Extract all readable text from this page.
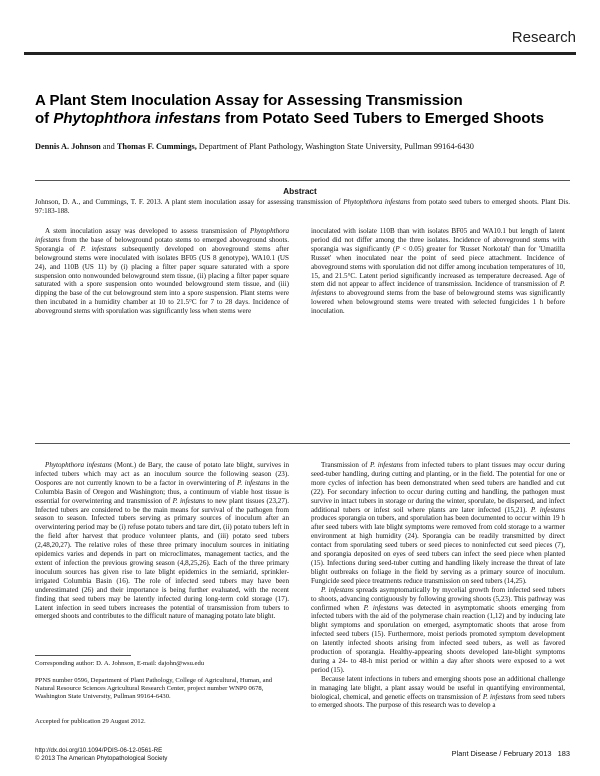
Research
A Plant Stem Inoculation Assay for Assessing Transmission
of Phytophthora infestans from Potato Seed Tubers to Emerged Shoots
Dennis A. Johnson and Thomas F. Cummings, Department of Plant Pathology, Washington State University, Pullman 99164-6430
Abstract
Johnson, D. A., and Cummings, T. F. 2013. A plant stem inoculation assay for assessing transmission of Phytophthora infestans from potato seed tubers to emerged shoots. Plant Dis. 97:183-188.

A stem inoculation assay was developed to assess transmission of Phytophthora infestans from the base of belowground potato stems to emerged aboveground shoots. Sporangia of P. infestans subsequently developed on aboveground stems after belowground stems were inoculated with isolates BF05 (US 8 genotype), WA10.1 (US 24), and 110B (US 11) by (i) placing a filter paper square saturated with a spore suspension onto nonwounded belowground stem tissue, (ii) placing a filter paper square saturated with a spore suspension onto wounded belowground stem tissue, and (iii) dipping the base of the cut belowground stem into a spore suspension. Plant stems were then incubated in a humidity chamber at 10 to 21.5°C for 7 to 28 days. Incidence of aboveground stems with sporulation was significantly less when stems were

inoculated with isolate 110B than with isolates BF05 and WA10.1 but length of latent period did not differ among the three isolates. Incidence of aboveground stems with sporangia was significantly (P < 0.05) greater for 'Russet Norkotah' than for 'Umatilla Russet' when inoculated near the point of seed piece attachment. Incidence of aboveground stems with sporulation did not differ among incubation temperatures of 10, 15, and 21.5°C. Latent period significantly increased as temperature decreased. Age of stem did not appear to affect incidence of transmission. Incidence of transmission of P. infestans to aboveground stems from the base of belowground stems was significantly lowered when belowground stems were treated with selected fungicides 1 h before inoculation.

Phytophthora infestans (Mont.) de Bary, the cause of potato late blight, survives in infected tubers which may act as an inoculum source the following season (23). Oospores are not currently known to be a factor in overwintering of P. infestans in the Columbia Basin of Oregon and Washington; thus, a continuum of viable host tissue is essential for overwintering and transmission of P. infestans to new plant tissues (23,27). Infected tubers are considered to be the main means for survival of the pathogen from season to season. Infected tubers serving as primary sources of inoculum after an overwintering period may be (i) refuse potato tubers and tare dirt, (ii) potato tubers left in the field after harvest that produce volunteer plants, and (iii) potato seed tubers (2,48,20,27). The relative roles of these three primary inoculum sources in initiating epidemics varies and depends in part on microclimates, management tactics, and the extent of infection the previous growing season (4,8,25,26). Each of the three primary inoculum sources has given rise to late blight epidemics in the semiarid, sprinkler-irrigated Columbia Basin (16). The role of infected seed tubers may have been underestimated (26) and their importance is being further evaluated, with the recent finding that seed tubers may be latently infected during long-term cold storage (17). Latent infection in seed tubers increases the potential of transmission from tubers to emerged shoots and contributes to the difficult nature of managing potato late blight.

Corresponding author: D. A. Johnson, E-mail: dajohn@wsu.edu

PPNS number 0596, Department of Plant Pathology, College of Agricultural, Human, and Natural Resource Sciences Agricultural Research Center, project number WNP0 0678, Washington State University, Pullman 99164-6430.

Accepted for publication 29 August 2012.

http://dx.doi.org/10.1094/PDIS-06-12-0561-RE
© 2013 The American Phytopathological Society

Transmission of P. infestans from infected tubers to plant tissues may occur during seed-tuber handling, during cutting and planting, or in the field. The potential for one or more cycles of infection has been demonstrated when seed tubers are handled and cut (22). For secondary infection to occur during cutting and handling, the pathogen must survive in intact tubers in storage or during the winter, sporulate, be dispersed, and infect additional tubers or infest soil where plants are later infected (15,21). P. infestans produces sporangia on tubers, and sporulation has been documented to occur within 19 h after seed tubers with late blight symptoms were removed from cold storage to a warmer environment at high humidity (24). Sporangia can be readily transmitted by direct contact from sporulating seed tubers or seed pieces to noninfected cut seed pieces (7), and sporangia deposited on eyes of seed tubers can infect the seed piece when planted (15). Infections during seed-tuber cutting and handling likely increase the threat of late blight outbreaks on foliage in the field by serving as a primary source of inoculum. Fungicide seed piece treatments reduce transmission on seed tubers (14,25).

P. infestans spreads asymptomatically by mycelial growth from infected seed tubers to shoots, advancing contiguously by following growing shoots (5,23). This pathway was confirmed when P. infestans was detected in asymptomatic shoots emerging from infected tubers with the aid of the polymerase chain reaction (1,12) and by inducing late blight symptoms and sporulation on emerged, asymptomatic shoots that arose from infected seed tubers (15). Furthermore, moist periods promoted symptom development on latently infected shoots arising from infected seed tubers, as well as favored production of sporangia. Healthy-appearing shoots developed late-blight symptoms during a 24- to 48-h mist period or within a day after shoots were exposed to a wet period (15).

Because latent infections in tubers and emerging shoots pose an additional challenge in managing late blight, a plant assay would be useful in quantifying environmental, biological, chemical, and genetic effects on transmission of P. infestans from seed tubers to emerged shoots. The purpose of this research was to develop a

Plant Disease / February 2013 183
